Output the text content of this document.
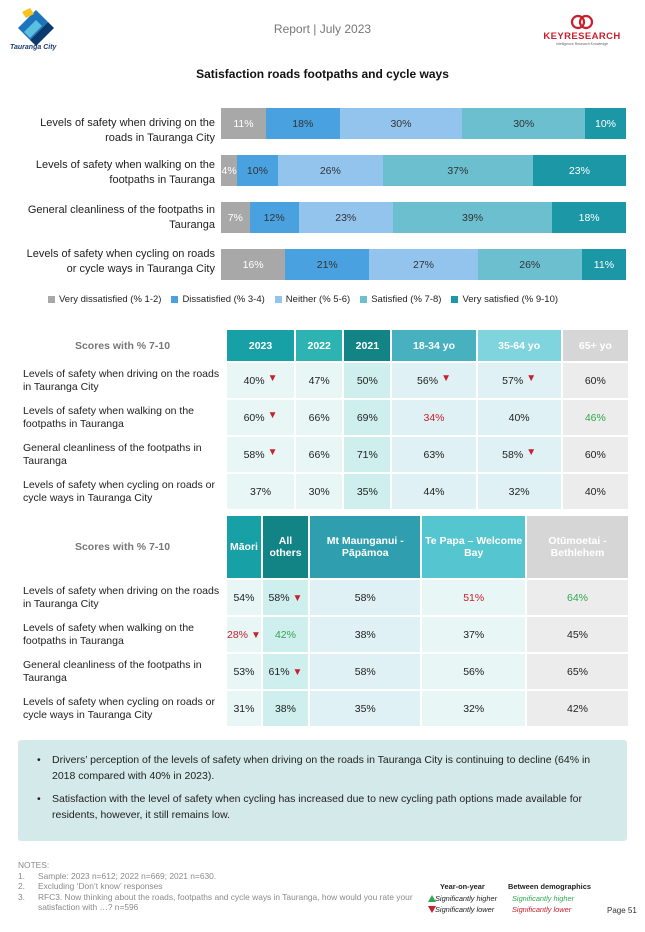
Tauranga City
Report | July 2023
KEYRESEARCH
Intelligence Research Knowledge
Satisfaction roads footpaths and cycle ways
Levels of safety when driving on the roads in Tauranga City
11%	18%	30%	30%	10%
Levels of safety when walking on the footpaths in Tauranga
4% 10%	26%	37%	23%
General cleanliness of the footpaths in Tauranga
7% 12%	23%	39%	18%
Levels of safety when cycling on roads or cycle ways in Tauranga City	16%	21%	27%	26%	11%
Very dissatisfied (% 1-2) Dissatisfied (% 3-4) Neither (% 5-6) Satisfied (% 7-8) Very satisfied (% 9-10)
Scores with % 7-10	2023	2022	2021	18-34 yo	35-64 yo	65+ yo
Levels of safety when driving on the roads in Tauranga City	40% ▼	47%	50%	56% ▼	57% ▼	60%
Levels of safety when walking on the footpaths in Tauranga	60% ▼	66%	69%	34%	40%	46%
General cleanliness of the footpaths in Tauranga	58% ▼	66%	71%	63%	58% ▼	60%
Levels of safety when cycling on roads or cycle ways in Tauranga City	37%	30%	35%	44%	32%	40%
Scores with % 7-10	Māori	All others	Mt Maunganui - Pāpāmoa	Te Papa – Welcome Bay	Otūmoetai - Bethlehem
Levels of safety when driving on the roads in Tauranga City	54%	58% ▼	58%	51%	64%
Levels of safety when walking on the footpaths in Tauranga	28% ▼	42%	38%	37%	45%
General cleanliness of the footpaths in Tauranga	53%	61% ▼	58%	56%	65%
Levels of safety when cycling on roads or cycle ways in Tauranga City	31%	38%	35%	32%	42%
• Drivers’ perception of the levels of safety when driving on the roads in Tauranga City is continuing to decline (64% in 2018 compared with 40% in 2023).
• Satisfaction with the level of safety when cycling has increased due to new cycling path options made available for residents, however, it still remains low.
NOTES:
1.	Sample: 2023 n=612; 2022 n=669; 2021 n=630.
2.	Excluding ‘Don’t know’ responses
3.	RFC3. Now thinking about the roads, footpaths and cycle ways in Tauranga, how would you rate your satisfaction with …? n=596
Year-on-year	Between demographics
Significantly higher
Significantly lower
Significantly higher
Significantly lower	Page 51
